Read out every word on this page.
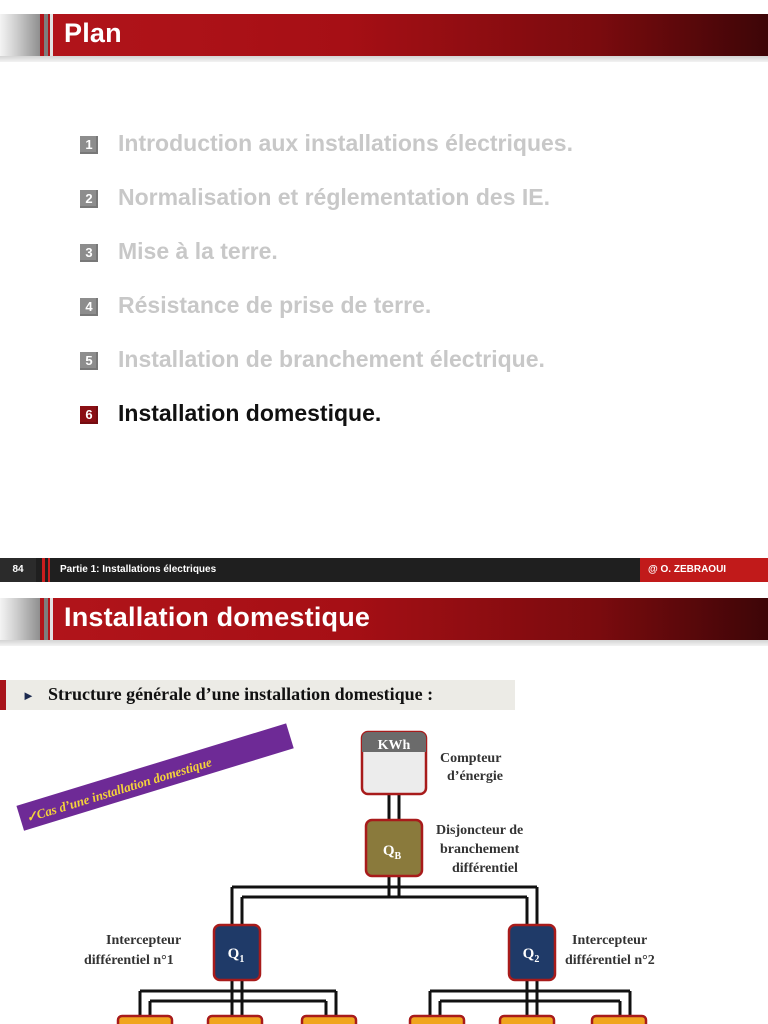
Plan
1 Introduction aux installations électriques.
2 Normalisation et réglementation des IE.
3 Mise à la terre.
4 Résistance de prise de terre.
5 Installation de branchement électrique.
6 Installation domestique.
84	Partie 1: Installations électriques	@ O. ZEBRAOUI
Installation domestique
► Structure générale d’une installation domestique :
✓Cas d’une installation domestique
KWh
Compteur
d’énergie
$Q_B$
Disjoncteur de
branchement
différentiel
$Q_1$
Intercepteur
différentiel n°1	$Q_2$
Intercepteur
différentiel n°2
